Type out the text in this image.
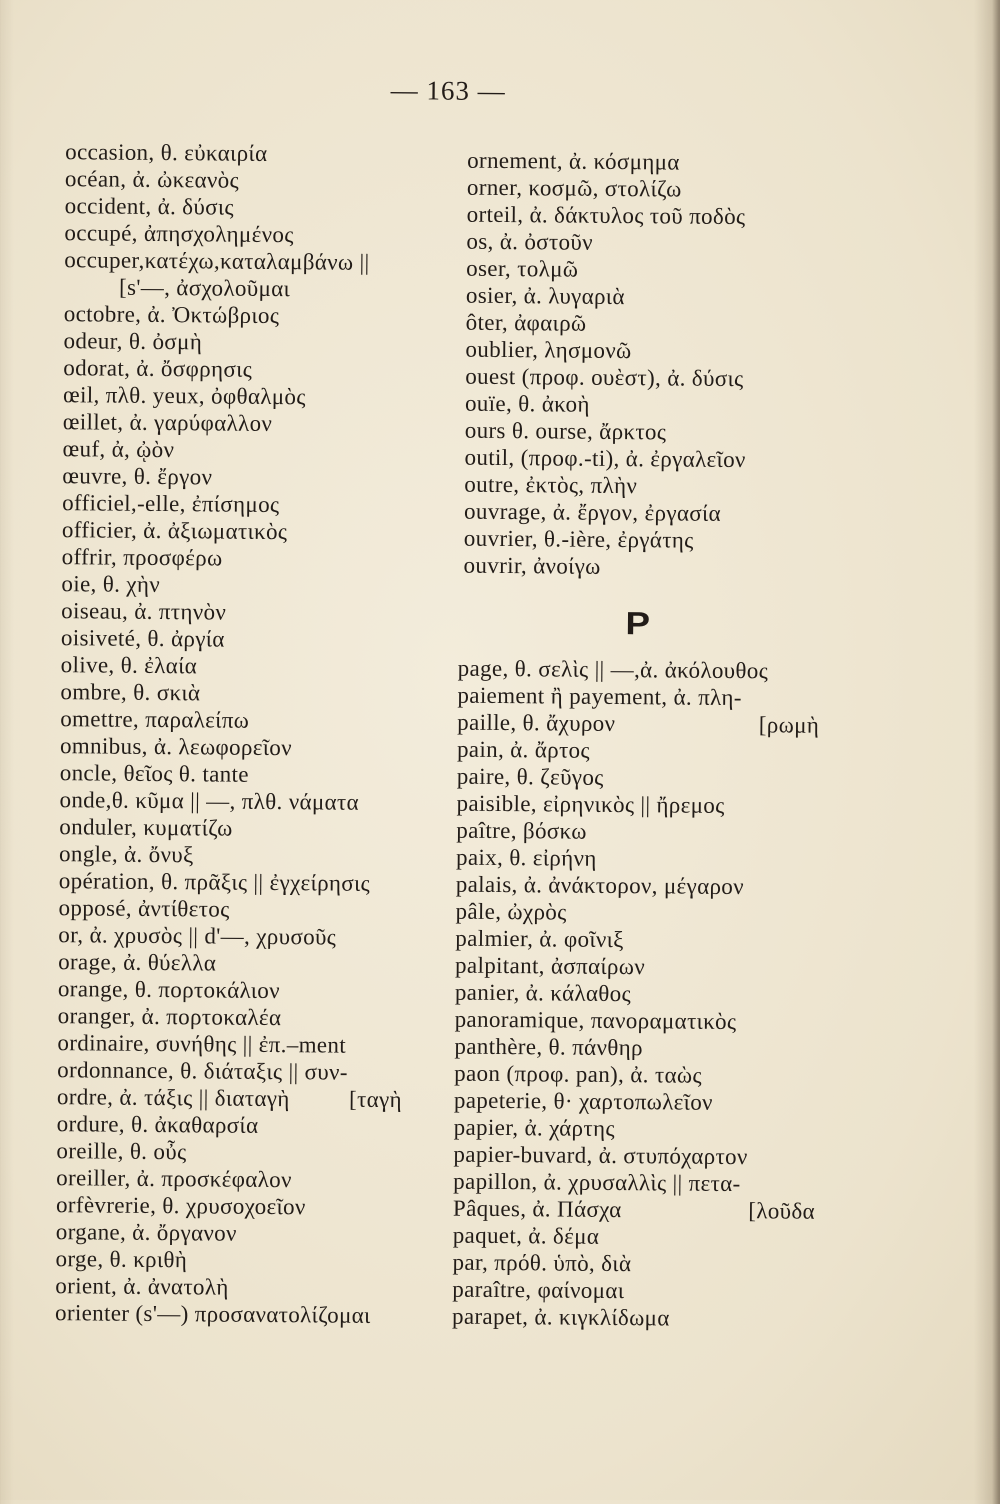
— 163 —
occasion, θ. εὐκαιρία
océan, ἀ. ὠκεανὸς
occident, ἀ. δύσις
occupé, ἀπησχολημένος
occuper,κατέχω,καταλαμβάνω ||
[s'—, ἀσχολοῦμαι
octobre, ἀ. Ὀκτώβριος
odeur, θ. ὀσμὴ
odorat, ἀ. ὄσφρησις
œil, πλθ. yeux, ὀφθαλμὸς
œillet, ἀ. γαρύφαλλον
œuf, ἀ, ᾠὸν
œuvre, θ. ἔργον
officiel,-elle, ἐπίσημος
officier, ἀ. ἀξιωματικὸς
offrir, προσφέρω
oie, θ. χὴν
oiseau, ἀ. πτηνὸν
oisiveté, θ. ἀργία
olive, θ. ἐλαία
ombre, θ. σκιὰ
omettre, παραλείπω
omnibus, ἀ. λεωφορεῖον
oncle, θεῖος θ. tante
onde,θ. κῦμα || —, πλθ. νάματα
onduler, κυματίζω
ongle, ἀ. ὄνυξ
opération, θ. πρᾶξις || ἐγχείρησις
opposé, ἀντίθετος
or, ἀ. χρυσὸς || d'—, χρυσοῦς
orage, ἀ. θύελλα
orange, θ. πορτοκάλιον
oranger, ἀ. πορτοκαλέα
ordinaire, συνήθης || ἐπ.–ment
ordonnance, θ. διάταξις || συν-
ordre, ἀ. τάξις || διαταγὴ	[ταγὴ
ordure, θ. ἀκαθαρσία
oreille, θ. οὖς
oreiller, ἀ. προσκέφαλον
orfèvrerie, θ. χρυσοχοεῖον
organe, ἀ. ὄργανον
orge, θ. κριθὴ
orient, ἀ. ἀνατολὴ
orienter (s'—) προσανατολίζομαι
ornement, ἀ. κόσμημα
orner, κοσμῶ, στολίζω
orteil, ἀ. δάκτυλος τοῦ ποδὸς
os, ἀ. ὀστοῦν
oser, τολμῶ
osier, ἀ. λυγαριὰ
ôter, ἀφαιρῶ
oublier, λησμονῶ
ouest (προφ. ουὲστ), ἀ. δύσις
ouïe, θ. ἀκοὴ
ours θ. ourse, ἄρκτος
outil, (προφ.-ti), ἀ. ἐργαλεῖον
outre, ἐκτὸς, πλὴν
ouvrage, ἀ. ἔργον, ἐργασία
ouvrier, θ.-ière, ἐργάτης
ouvrir, ἀνοίγω
P
page, θ. σελὶς || —,ἀ. ἀκόλουθος
paiement ἢ payement, ἀ. πλη-
paille, θ. ἄχυρον	[ρωμὴ
pain, ἀ. ἄρτος
paire, θ. ζεῦγος
paisible, εἰρηνικὸς || ἤρεμος
paître, βόσκω
paix, θ. εἰρήνη
palais, ἀ. ἀνάκτορον, μέγαρον
pâle, ὠχρὸς
palmier, ἀ. φοῖνιξ
palpitant, ἀσπαίρων
panier, ἀ. κάλαθος
panoramique, πανοραματικὸς
panthère, θ. πάνθηρ
paon (προφ. pan), ἀ. ταὼς
papeterie, θ· χαρτοπωλεῖον
papier, ἀ. χάρτης
papier-buvard, ἀ. στυπόχαρτον
papillon, ἀ. χρυσαλλὶς || πετα-
Pâques, ἀ. Πάσχα	[λοῦδα
paquet, ἀ. δέμα
par, πρόθ. ὑπὸ, διὰ
paraître, φαίνομαι
parapet, ἀ. κιγκλίδωμα
